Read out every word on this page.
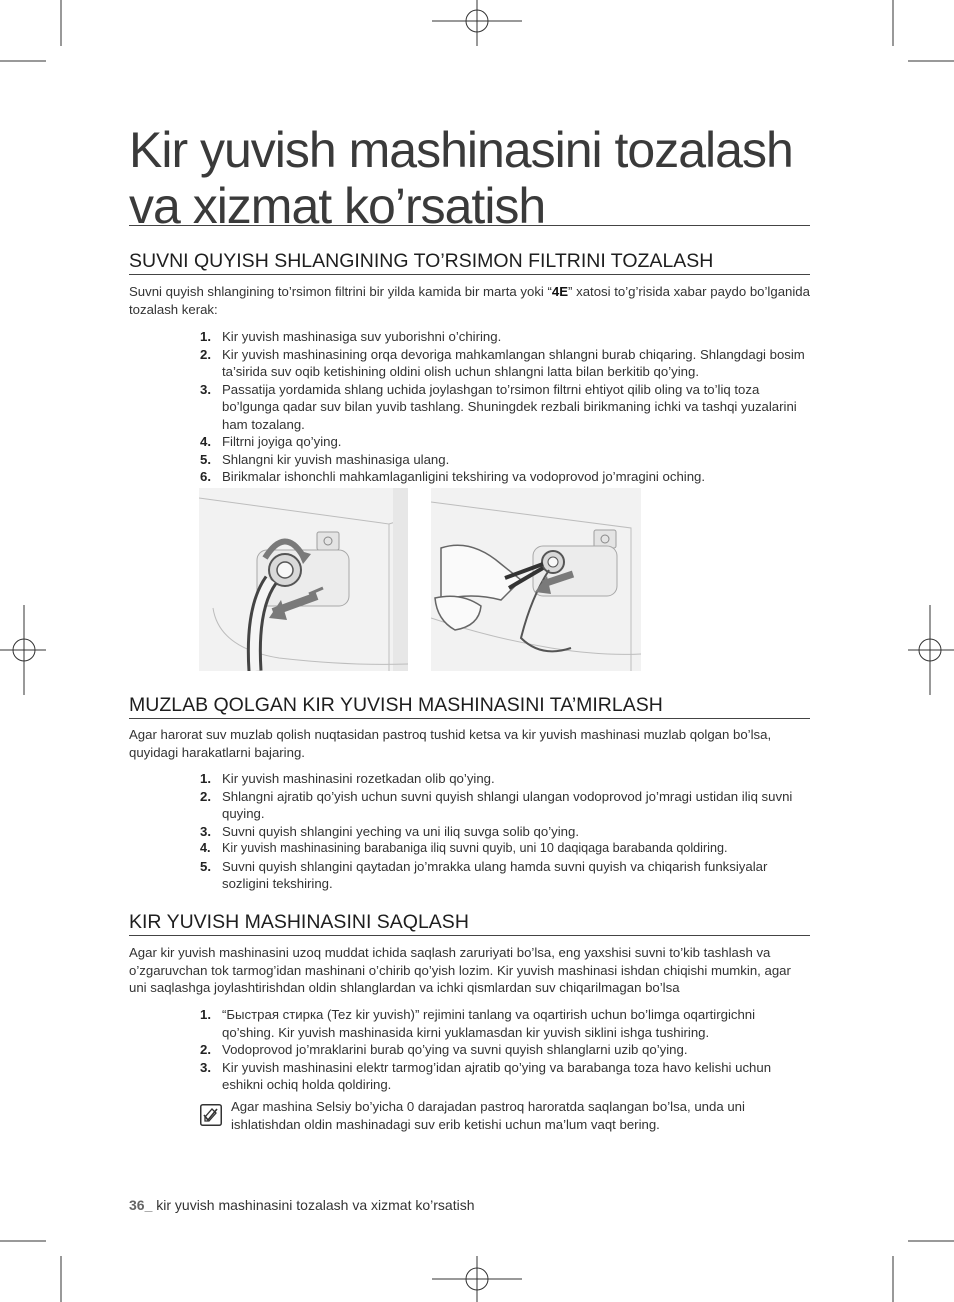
Kir yuvish mashinasini tozalash
va xizmat ko’rsatish
SUVNI QUYISH SHLANGINING TO’RSIMON FILTRINI TOZALASH

Suvni quyish shlangining to’rsimon filtrini bir yilda kamida bir marta yoki “4E” xatosi to’g’risida xabar paydo bo’lganida tozalash kerak:

1. Kir yuvish mashinasiga suv yuborishni o’chiring.
2. Kir yuvish mashinasining orqa devoriga mahkamlangan shlangni burab chiqaring. Shlangdagi bosim ta’sirida suv oqib ketishining oldini olish uchun shlangni latta bilan berkitib qo’ying.
3. Passatija yordamida shlang uchida joylashgan to’rsimon filtrni ehtiyot qilib oling va to’liq toza bo’lgunga qadar suv bilan yuvib tashlang. Shuningdek rezbali birikmaning ichki va tashqi yuzalarini ham tozalang.
4. Filtrni joyiga qo’ying.
5. Shlangni kir yuvish mashinasiga ulang.
6. Birikmalar ishonchli mahkamlaganligini tekshiring va vodoprovod jo’mragini oching.
MUZLAB QOLGAN KIR YUVISH MASHINASINI TA’MIRLASH

Agar harorat suv muzlab qolish nuqtasidan pastroq tushid ketsa va kir yuvish mashinasi muzlab qolgan bo’lsa, quyidagi harakatlarni bajaring.

1. Kir yuvish mashinasini rozetkadan olib qo’ying.
2. Shlangni ajratib qo’yish uchun suvni quyish shlangi ulangan vodoprovod jo’mragi ustidan iliq suvni quying.
3. Suvni quyish shlangini yeching va uni iliq suvga solib qo’ying.
4. Kir yuvish mashinasining barabaniga iliq suvni quyib, uni 10 daqiqaga barabanda qoldiring.
5. Suvni quyish shlangini qaytadan jo’mrakka ulang hamda suvni quyish va chiqarish funksiyalar sozligini tekshiring.
KIR YUVISH MASHINASINI SAQLASH

Agar kir yuvish mashinasini uzoq muddat ichida saqlash zaruriyati bo’lsa, eng yaxshisi suvni to’kib tashlash va o’zgaruvchan tok tarmog’idan mashinani o’chirib qo’yish lozim. Kir yuvish mashinasi ishdan chiqishi mumkin, agar uni saqlashga joylashtirishdan oldin shlanglardan va ichki qismlardan suv chiqarilmagan bo’lsa

1. “Быстрая стирка (Tez kir yuvish)” rejimini tanlang va oqartirish uchun bo’limga oqartirgichni qo’shing. Kir yuvish mashinasida kirni yuklamasdan kir yuvish siklini ishga tushiring.
2. Vodoprovod jo’mraklarini burab qo’ying va suvni quyish shlanglarni uzib qo’ying.
3. Kir yuvish mashinasini elektr tarmog’idan ajratib qo’ying va barabanga toza havo kelishi uchun eshikni ochiq holda qoldiring.

Agar mashina Selsiy bo’yicha 0 darajadan pastroq haroratda saqlangan bo’lsa, unda uni ishlatishdan oldin mashinadagi suv erib ketishi uchun ma’lum vaqt bering.

36_ kir yuvish mashinasini tozalash va xizmat ko’rsatish
